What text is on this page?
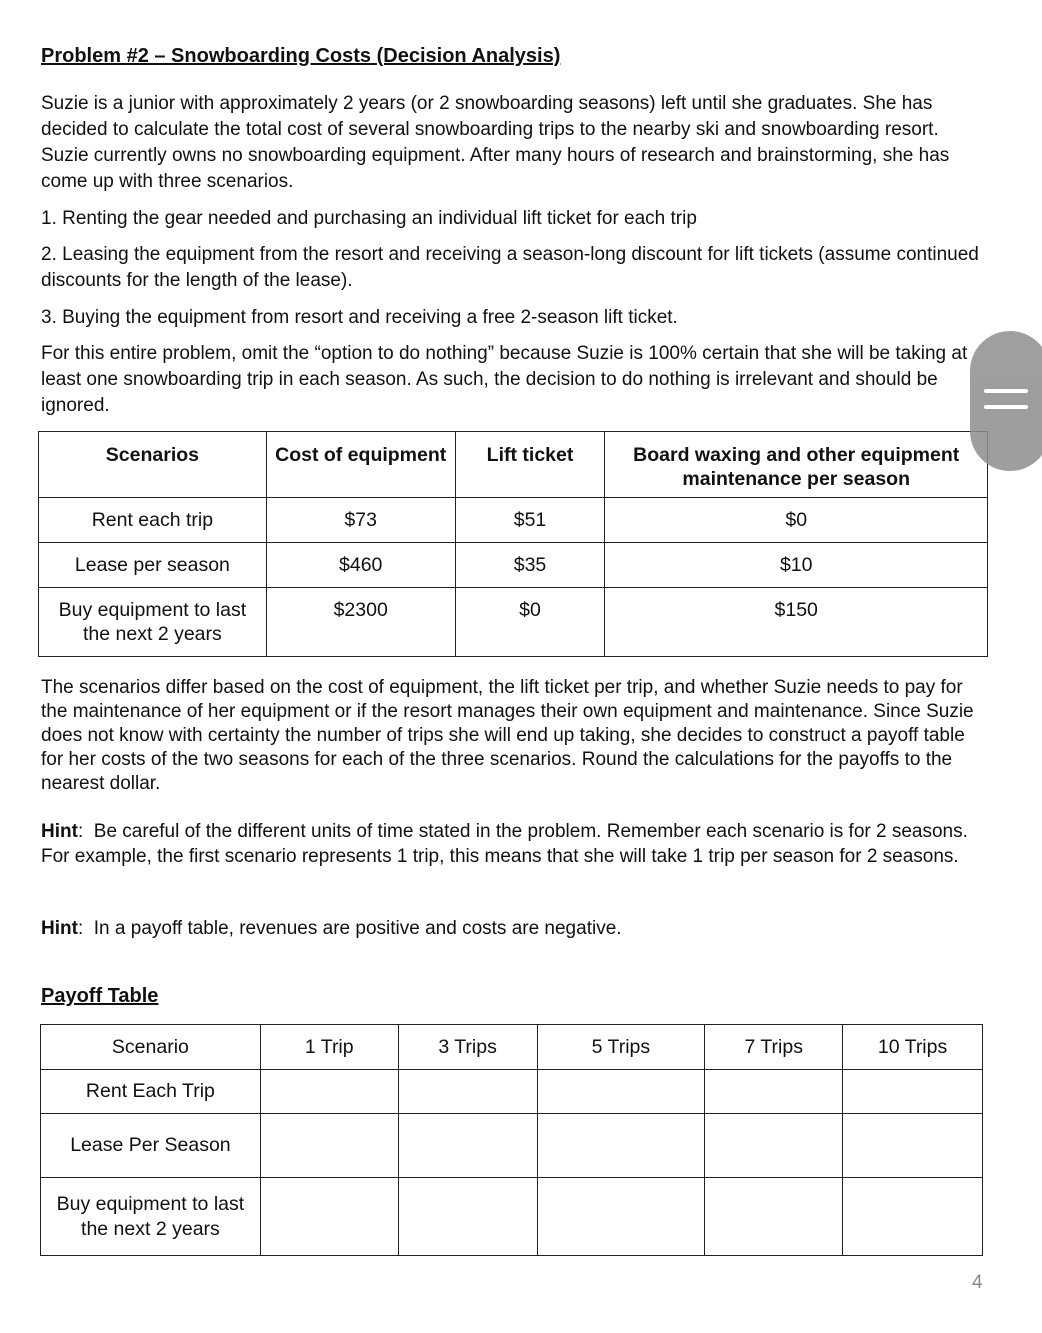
Problem #2 – Snowboarding Costs (Decision Analysis)

Suzie is a junior with approximately 2 years (or 2 snowboarding seasons) left until she graduates. She has decided to calculate the total cost of several snowboarding trips to the nearby ski and snowboarding resort. Suzie currently owns no snowboarding equipment. After many hours of research and brainstorming, she has come up with three scenarios.

1. Renting the gear needed and purchasing an individual lift ticket for each trip

2. Leasing the equipment from the resort and receiving a season-long discount for lift tickets (assume continued discounts for the length of the lease).

3. Buying the equipment from resort and receiving a free 2-season lift ticket.

For this entire problem, omit the “option to do nothing” because Suzie is 100% certain that she will be taking at least one snowboarding trip in each season. As such, the decision to do nothing is irrelevant and should be ignored.

Scenarios	Cost of equipment	Lift ticket	Board waxing and other equipment maintenance per season
Rent each trip	$73	$51	$0
Lease per season	$460	$35	$10
Buy equipment to last the next 2 years	$2300	$0	$150

The scenarios differ based on the cost of equipment, the lift ticket per trip, and whether Suzie needs to pay for the maintenance of her equipment or if the resort manages their own equipment and maintenance. Since Suzie does not know with certainty the number of trips she will end up taking, she decides to construct a payoff table for her costs of the two seasons for each of the three scenarios. Round the calculations for the payoffs to the nearest dollar.

Hint:  Be careful of the different units of time stated in the problem. Remember each scenario is for 2 seasons. For example, the first scenario represents 1 trip, this means that she will take 1 trip per season for 2 seasons.

Hint:  In a payoff table, revenues are positive and costs are negative.

Payoff Table
Scenario	1 Trip	3 Trips	5 Trips	7 Trips	10 Trips
Rent Each Trip					
Lease Per Season					
Buy equipment to last the next 2 years					
4
